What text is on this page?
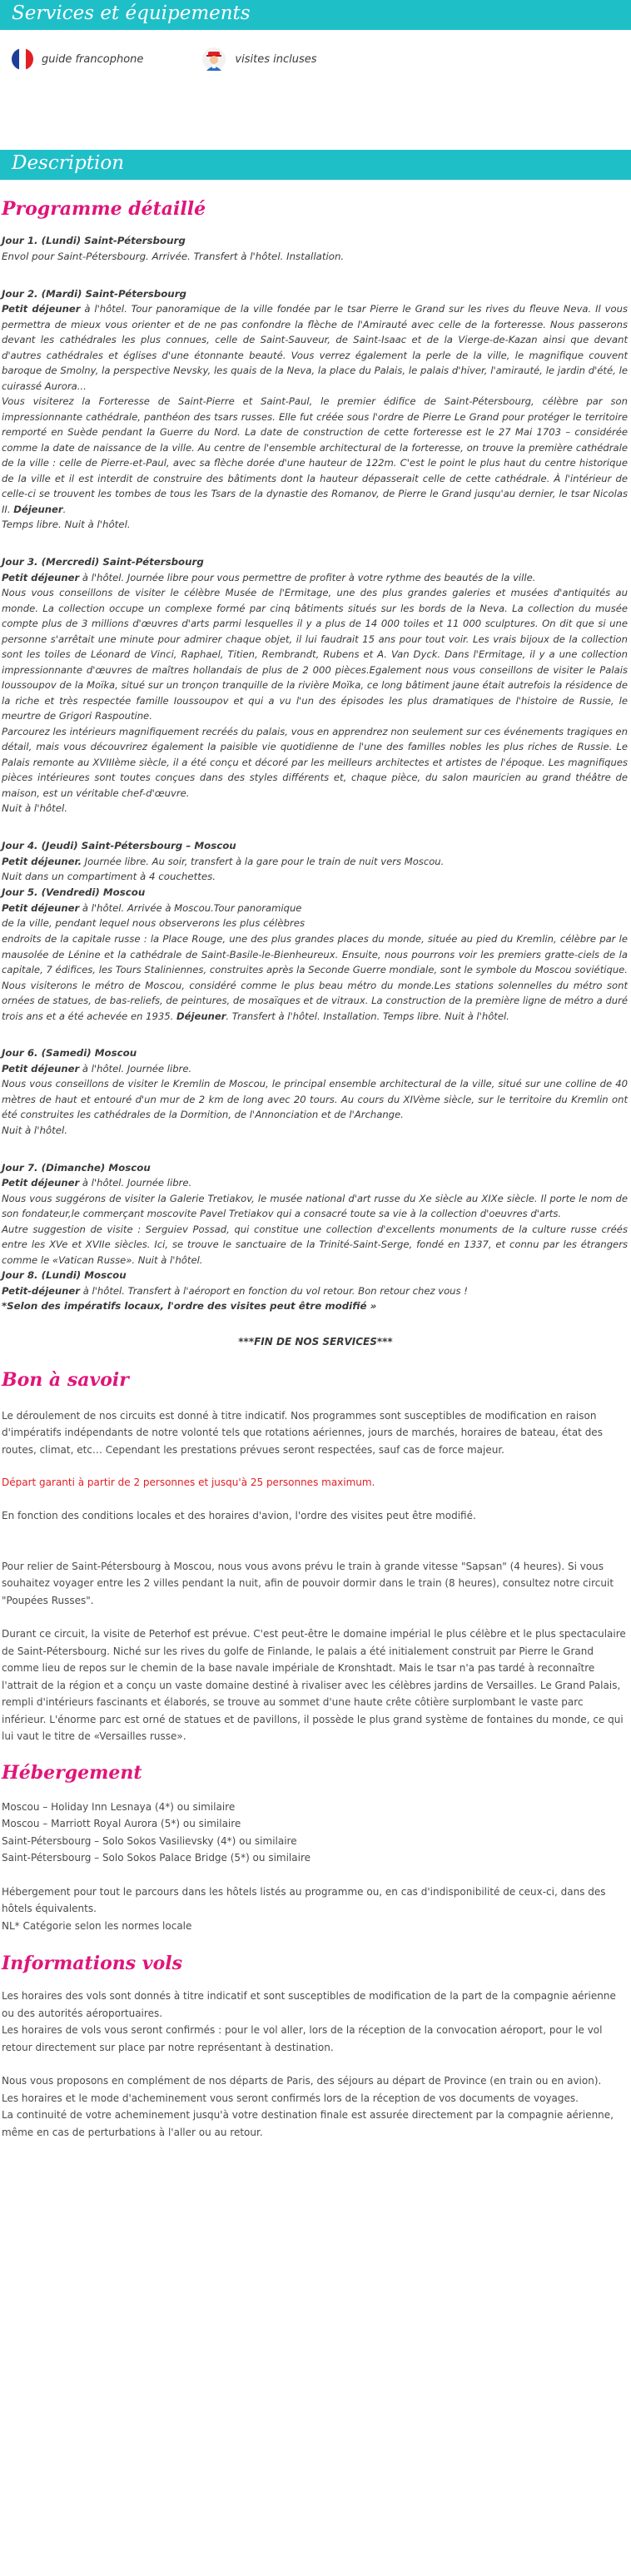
Services et équipements
guide francophone	visites incluses
Description
Programme détaillé

Jour 1. (Lundi) Saint-Pétersbourg

Envol pour Saint-Pétersbourg. Arrivée. Transfert à l'hôtel. Installation.

Jour 2. (Mardi) Saint-Pétersbourg

Petit déjeuner à l'hôtel. Tour panoramique de la ville fondée par le tsar Pierre le Grand sur les rives du fleuve Neva. Il vous permettra de mieux vous orienter et de ne pas confondre la flèche de l'Amirauté avec celle de la forteresse. Nous passerons devant les cathédrales les plus connues, celle de Saint-Sauveur, de Saint-Isaac et de la Vierge-de-Kazan ainsi que devant d'autres cathédrales et églises d'une étonnante beauté. Vous verrez également la perle de la ville, le magnifique couvent baroque de Smolny, la perspective Nevsky, les quais de la Neva, la place du Palais, le palais d'hiver, l'amirauté, le jardin d'été, le cuirassé Aurora...

Vous visiterez la Forteresse de Saint-Pierre et Saint-Paul, le premier édifice de Saint-Pétersbourg, célèbre par son impressionnante cathédrale, panthéon des tsars russes. Elle fut créée sous l'ordre de Pierre Le Grand pour protéger le territoire remporté en Suède pendant la Guerre du Nord. La date de construction de cette forteresse est le 27 Mai 1703 – considérée comme la date de naissance de la ville. Au centre de l'ensemble architectural de la forteresse, on trouve la première cathédrale de la ville : celle de Pierre-et-Paul, avec sa flèche dorée d'une hauteur de 122m. C'est le point le plus haut du centre historique de la ville et il est interdit de construire des bâtiments dont la hauteur dépasserait celle de cette cathédrale. À l'intérieur de celle-ci se trouvent les tombes de tous les Tsars de la dynastie des Romanov, de Pierre le Grand jusqu'au dernier, le tsar Nicolas II. Déjeuner.

Temps libre. Nuit à l'hôtel.

Jour 3. (Mercredi) Saint-Pétersbourg

Petit déjeuner à l'hôtel. Journée libre pour vous permettre de profiter à votre rythme des beautés de la ville.

Nous vous conseillons de visiter le célèbre Musée de l'Ermitage, une des plus grandes galeries et musées d'antiquités au monde. La collection occupe un complexe formé par cinq bâtiments situés sur les bords de la Neva. La collection du musée compte plus de 3 millions d'œuvres d'arts parmi lesquelles il y a plus de 14 000 toiles et 11 000 sculptures. On dit que si une personne s'arrêtait une minute pour admirer chaque objet, il lui faudrait 15 ans pour tout voir. Les vrais bijoux de la collection sont les toiles de Léonard de Vinci, Raphael, Titien, Rembrandt, Rubens et A. Van Dyck. Dans l'Ermitage, il y a une collection impressionnante d'œuvres de maîtres hollandais de plus de 2 000 pièces.Egalement nous vous conseillons de visiter le Palais Ioussoupov de la Moïka, situé sur un tronçon tranquille de la rivière Moïka, ce long bâtiment jaune était autrefois la résidence de la riche et très respectée famille Ioussoupov et qui a vu l'un des épisodes les plus dramatiques de l'histoire de Russie, le meurtre de Grigori Raspoutine.

Parcourez les intérieurs magnifiquement recréés du palais, vous en apprendrez non seulement sur ces événements tragiques en détail, mais vous découvrirez également la paisible vie quotidienne de l'une des familles nobles les plus riches de Russie. Le Palais remonte au XVIIIème siècle, il a été conçu et décoré par les meilleurs architectes et artistes de l'époque. Les magnifiques pièces intérieures sont toutes conçues dans des styles différents et, chaque pièce, du salon mauricien au grand théâtre de maison, est un véritable chef-d'œuvre.

Nuit à l'hôtel.

Jour 4. (Jeudi) Saint-Pétersbourg – Moscou

Petit déjeuner. Journée libre. Au soir, transfert à la gare pour le train de nuit vers Moscou.

Nuit dans un compartiment à 4 couchettes.

Jour 5. (Vendredi) Moscou

Petit déjeuner à l'hôtel. Arrivée à Moscou.Tour panoramique

de la ville, pendant lequel nous observerons les plus célèbres

endroits de la capitale russe : la Place Rouge, une des plus grandes places du monde, située au pied du Kremlin, célèbre par le mausolée de Lénine et la cathédrale de Saint-Basile-le-Bienheureux. Ensuite, nous pourrons voir les premiers gratte-ciels de la capitale, 7 édifices, les Tours Staliniennes, construites après la Seconde Guerre mondiale, sont le symbole du Moscou soviétique. Nous visiterons le métro de Moscou, considéré comme le plus beau métro du monde.Les stations solennelles du métro sont ornées de statues, de bas-reliefs, de peintures, de mosaïques et de vitraux. La construction de la première ligne de métro a duré trois ans et a été achevée en 1935. Déjeuner. Transfert à l'hôtel. Installation. Temps libre. Nuit à l'hôtel.

Jour 6. (Samedi) Moscou

Petit déjeuner à l'hôtel. Journée libre.

Nous vous conseillons de visiter le Kremlin de Moscou, le principal ensemble architectural de la ville, situé sur une colline de 40 mètres de haut et entouré d'un mur de 2 km de long avec 20 tours. Au cours du XIVème siècle, sur le territoire du Kremlin ont été construites les cathédrales de la Dormition, de l'Annonciation et de l'Archange.

Nuit à l'hôtel.

Jour 7. (Dimanche) Moscou

Petit déjeuner à l'hôtel. Journée libre.

Nous vous suggérons de visiter la Galerie Tretiakov, le musée national d'art russe du Xe siècle au XIXe siècle. Il porte le nom de son fondateur,le commerçant moscovite Pavel Tretiakov qui a consacré toute sa vie à la collection d'oeuvres d'arts.

Autre suggestion de visite : Serguiev Possad, qui constitue une collection d'excellents monuments de la culture russe créés entre les XVe et XVIIe siècles. Ici, se trouve le sanctuaire de la Trinité-Saint-Serge, fondé en 1337, et connu par les étrangers comme le «Vatican Russe». Nuit à l'hôtel.

Jour 8. (Lundi) Moscou

Petit-déjeuner à l'hôtel. Transfert à l'aéroport en fonction du vol retour. Bon retour chez vous !

*Selon des impératifs locaux, l'ordre des visites peut être modifié »

***FIN DE NOS SERVICES***

Bon à savoir

Le déroulement de nos circuits est donné à titre indicatif. Nos programmes sont susceptibles de modification en raison d'impératifs indépendants de notre volonté tels que rotations aériennes, jours de marchés, horaires de bateau, état des routes, climat, etc… Cependant les prestations prévues seront respectées, sauf cas de force majeur.

Départ garanti à partir de 2 personnes et jusqu'à 25 personnes maximum.

En fonction des conditions locales et des horaires d'avion, l'ordre des visites peut être modifié.

Pour relier de Saint-Pétersbourg à Moscou, nous vous avons prévu le train à grande vitesse "Sapsan" (4 heures). Si vous souhaitez voyager entre les 2 villes pendant la nuit, afin de pouvoir dormir dans le train (8 heures), consultez notre circuit "Poupées Russes".

Durant ce circuit, la visite de Peterhof est prévue. C'est peut-être le domaine impérial le plus célèbre et le plus spectaculaire de Saint-Pétersbourg. Niché sur les rives du golfe de Finlande, le palais a été initialement construit par Pierre le Grand comme lieu de repos sur le chemin de la base navale impériale de Kronshtadt. Mais le tsar n'a pas tardé à reconnaître l'attrait de la région et a conçu un vaste domaine destiné à rivaliser avec les célèbres jardins de Versailles. Le Grand Palais, rempli d'intérieurs fascinants et élaborés, se trouve au sommet d'une haute crête côtière surplombant le vaste parc inférieur. L'énorme parc est orné de statues et de pavillons, il possède le plus grand système de fontaines du monde, ce qui lui vaut le titre de «Versailles russe».

Hébergement

Moscou – Holiday Inn Lesnaya (4*) ou similaire

Moscou – Marriott Royal Aurora (5*) ou similaire

Saint-Pétersbourg – Solo Sokos Vasilievsky (4*) ou similaire

Saint-Pétersbourg – Solo Sokos Palace Bridge (5*) ou similaire

Hébergement pour tout le parcours dans les hôtels listés au programme ou, en cas d'indisponibilité de ceux-ci, dans des hôtels équivalents.

NL* Catégorie selon les normes locale

Informations vols

Les horaires des vols sont donnés à titre indicatif et sont susceptibles de modification de la part de la compagnie aérienne ou des autorités aéroportuaires.

Les horaires de vols vous seront confirmés : pour le vol aller, lors de la réception de la convocation aéroport, pour le vol retour directement sur place par notre représentant à destination.

Nous vous proposons en complément de nos départs de Paris, des séjours au départ de Province (en train ou en avion).

Les horaires et le mode d'acheminement vous seront confirmés lors de la réception de vos documents de voyages.

La continuité de votre acheminement jusqu'à votre destination finale est assurée directement par la compagnie aérienne, même en cas de perturbations à l'aller ou au retour.
